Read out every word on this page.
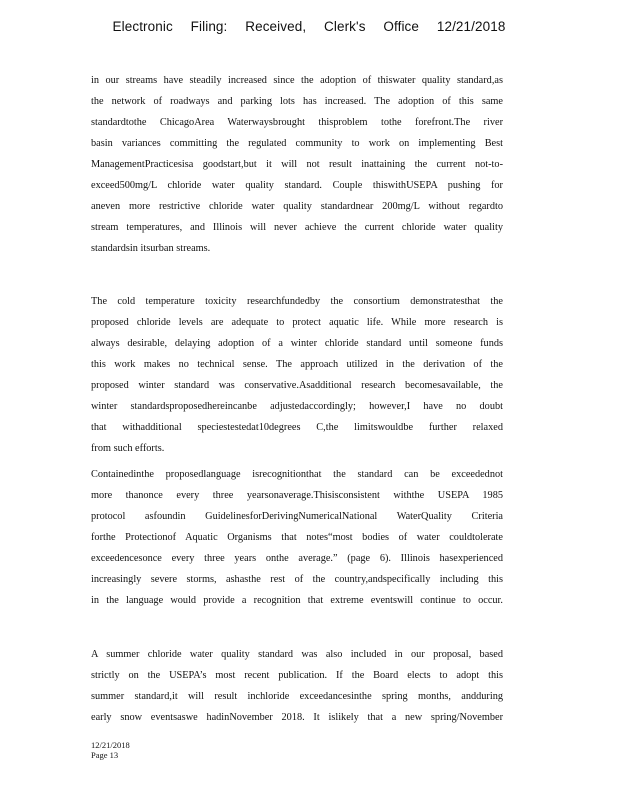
Electronic Filing: Received, Clerk's Office 12/21/2018
in our streams have steadily increased since the adoption of thiswater quality standard,as
the network of roadways and parking lots has increased. The adoption of this same
standardtothe ChicagoArea Waterwaysbrought thisproblem tothe forefront.The river
basin variances committing the regulated community to work on implementing Best
ManagementPracticesisa goodstart,but it will not result inattaining the current not-to-
exceed500mg/L chloride water quality standard. Couple thiswithUSEPA pushing for
aneven more restrictive chloride water quality standardnear 200mg/L without regardto
stream temperatures, and Illinois will never achieve the current chloride water quality
standardsin itsurban streams.
The cold temperature toxicity researchfundedby the consortium demonstratesthat the
proposed chloride levels are adequate to protect aquatic life. While more research is
always desirable, delaying adoption of a winter chloride standard until someone funds
this work makes no technical sense. The approach utilized in the derivation of the
proposed winter standard was conservative.Asadditional research becomesavailable, the
winter standardsproposedhereincanbe adjustedaccordingly; however,I have no doubt
that withadditional speciestestedat10degrees C,the limitswouldbe further relaxed
from such efforts.
Containedinthe proposedlanguage isrecognitionthat the standard can be exceedednot
more thanonce every three yearsonaverage.Thisisconsistent withthe USEPA 1985
protocol asfoundin GuidelinesforDerivingNumericalNational WaterQuality Criteria
forthe Protectionof Aquatic Organisms that notes“most bodies of water couldtolerate
exceedencesonce every three years onthe average.” (page 6). Illinois hasexperienced
increasingly severe storms, ashasthe rest of the country,andspecifically including this
in the language would provide a recognition that extreme eventswill continue to occur.
A summer chloride water quality standard was also included in our proposal, based
strictly on the USEPA’s most recent publication. If the Board elects to adopt this
summer standard,it will result inchloride exceedancesinthe spring months, andduring
early snow eventsaswe hadinNovember 2018. It islikely that a new spring/November
12/21/2018
Page 13
